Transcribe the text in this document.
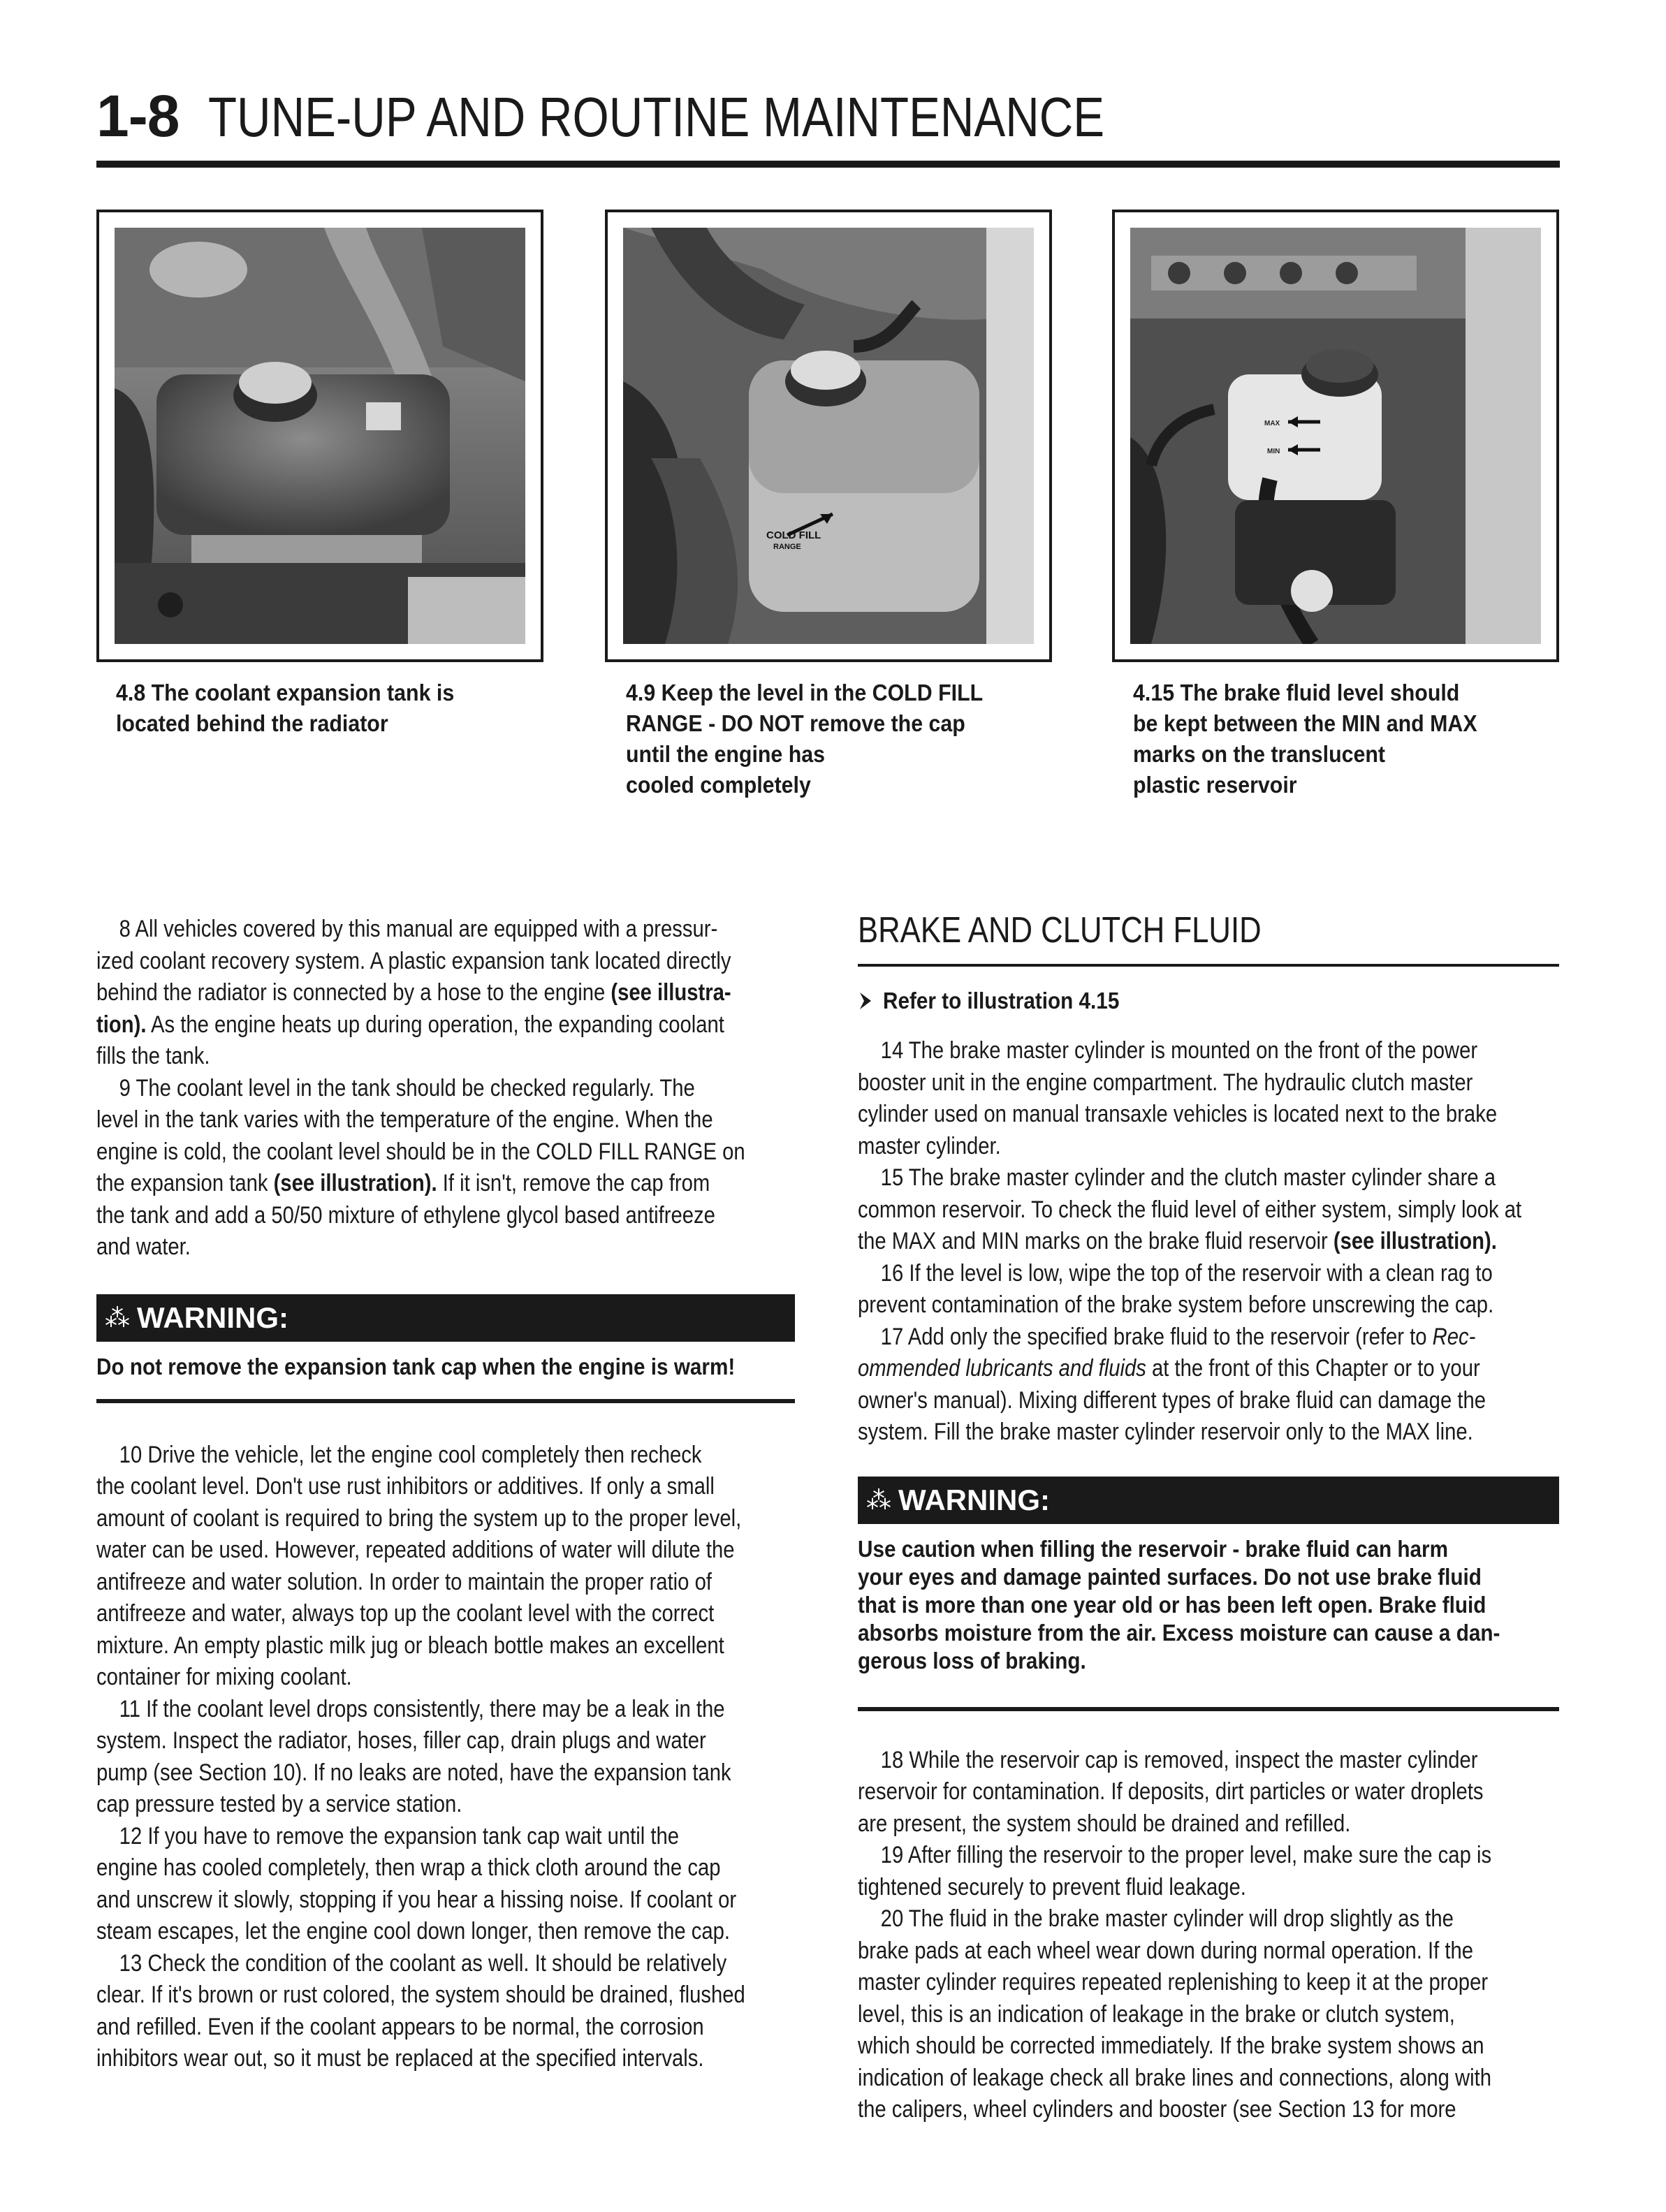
1-8 TUNE-UP AND ROUTINE MAINTENANCE
4.8 The coolant expansion tank is
located behind the radiator
COLD FILL
RANGE
4.9 Keep the level in the COLD FILL
RANGE - DO NOT remove the cap
until the engine has
cooled completely
MAX
MIN
4.15 The brake fluid level should
be kept between the MIN and MAX
marks on the translucent
plastic reservoir

8 All vehicles covered by this manual are equipped with a pressur-
ized coolant recovery system. A plastic expansion tank located directly
behind the radiator is connected by a hose to the engine (see illustra-
tion). As the engine heats up during operation, the expanding coolant
fills the tank.

9 The coolant level in the tank should be checked regularly. The
level in the tank varies with the temperature of the engine. When the
engine is cold, the coolant level should be in the COLD FILL RANGE on
the expansion tank (see illustration). If it isn't, remove the cap from
the tank and add a 50/50 mixture of ethylene glycol based antifreeze
and water.

⁂ WARNING:
Do not remove the expansion tank cap when the engine is warm!

10 Drive the vehicle, let the engine cool completely then recheck
the coolant level. Don't use rust inhibitors or additives. If only a small
amount of coolant is required to bring the system up to the proper level,
water can be used. However, repeated additions of water will dilute the
antifreeze and water solution. In order to maintain the proper ratio of
antifreeze and water, always top up the coolant level with the correct
mixture. An empty plastic milk jug or bleach bottle makes an excellent
container for mixing coolant.

11 If the coolant level drops consistently, there may be a leak in the
system. Inspect the radiator, hoses, filler cap, drain plugs and water
pump (see Section 10). If no leaks are noted, have the expansion tank
cap pressure tested by a service station.

12 If you have to remove the expansion tank cap wait until the
engine has cooled completely, then wrap a thick cloth around the cap
and unscrew it slowly, stopping if you hear a hissing noise. If coolant or
steam escapes, let the engine cool down longer, then remove the cap.

13 Check the condition of the coolant as well. It should be relatively
clear. If it's brown or rust colored, the system should be drained, flushed
and refilled. Even if the coolant appears to be normal, the corrosion
inhibitors wear out, so it must be replaced at the specified intervals.

BRAKE AND CLUTCH FLUID
Refer to illustration 4.15

14 The brake master cylinder is mounted on the front of the power
booster unit in the engine compartment. The hydraulic clutch master
cylinder used on manual transaxle vehicles is located next to the brake
master cylinder.

15 The brake master cylinder and the clutch master cylinder share a
common reservoir. To check the fluid level of either system, simply look at
the MAX and MIN marks on the brake fluid reservoir (see illustration).

16 If the level is low, wipe the top of the reservoir with a clean rag to
prevent contamination of the brake system before unscrewing the cap.

17 Add only the specified brake fluid to the reservoir (refer to Rec-
ommended lubricants and fluids at the front of this Chapter or to your
owner's manual). Mixing different types of brake fluid can damage the
system. Fill the brake master cylinder reservoir only to the MAX line.

⁂ WARNING:
Use caution when filling the reservoir - brake fluid can harm
your eyes and damage painted surfaces. Do not use brake fluid
that is more than one year old or has been left open. Brake fluid
absorbs moisture from the air. Excess moisture can cause a dan-
gerous loss of braking.

18 While the reservoir cap is removed, inspect the master cylinder
reservoir for contamination. If deposits, dirt particles or water droplets
are present, the system should be drained and refilled.

19 After filling the reservoir to the proper level, make sure the cap is
tightened securely to prevent fluid leakage.

20 The fluid in the brake master cylinder will drop slightly as the
brake pads at each wheel wear down during normal operation. If the
master cylinder requires repeated replenishing to keep it at the proper
level, this is an indication of leakage in the brake or clutch system,
which should be corrected immediately. If the brake system shows an
indication of leakage check all brake lines and connections, along with
the calipers, wheel cylinders and booster (see Section 13 for more
